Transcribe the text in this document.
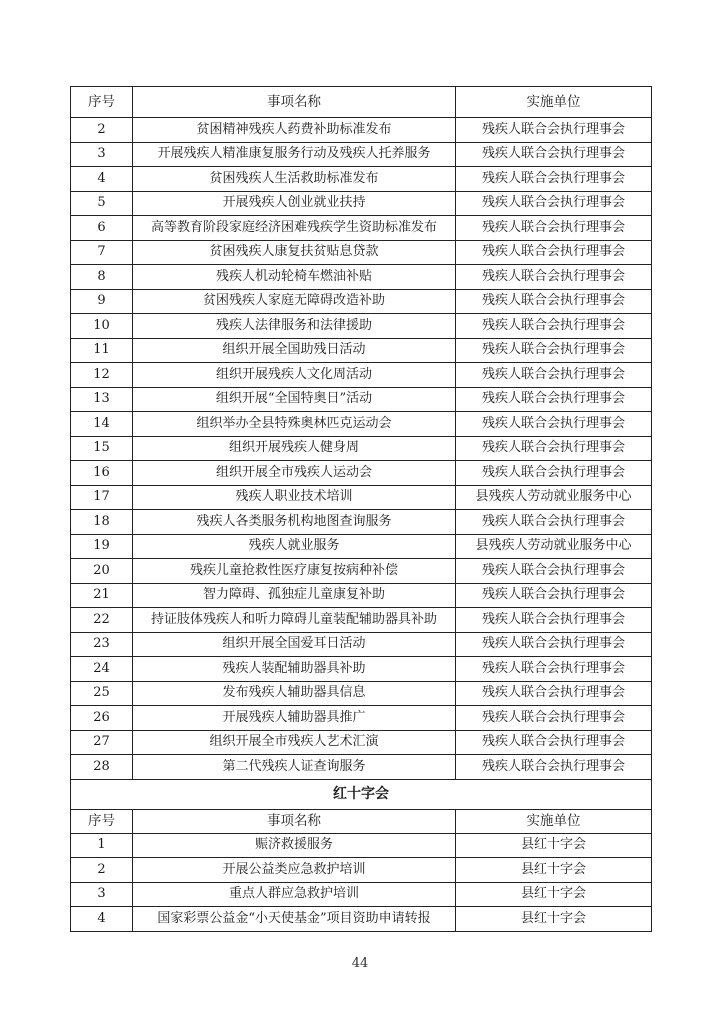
序号	事项名称	实施单位
2	贫困精神残疾人药费补助标准发布	残疾人联合会执行理事会
3	开展残疾人精准康复服务行动及残疾人托养服务	残疾人联合会执行理事会
4	贫困残疾人生活救助标准发布	残疾人联合会执行理事会
5	开展残疾人创业就业扶持	残疾人联合会执行理事会
6	高等教育阶段家庭经济困难残疾学生资助标准发布	残疾人联合会执行理事会
7	贫困残疾人康复扶贫贴息贷款	残疾人联合会执行理事会
8	残疾人机动轮椅车燃油补贴	残疾人联合会执行理事会
9	贫困残疾人家庭无障碍改造补助	残疾人联合会执行理事会
10	残疾人法律服务和法律援助	残疾人联合会执行理事会
11	组织开展全国助残日活动	残疾人联合会执行理事会
12	组织开展残疾人文化周活动	残疾人联合会执行理事会
13	组织开展“全国特奥日”活动	残疾人联合会执行理事会
14	组织举办全县特殊奥林匹克运动会	残疾人联合会执行理事会
15	组织开展残疾人健身周	残疾人联合会执行理事会
16	组织开展全市残疾人运动会	残疾人联合会执行理事会
17	残疾人职业技术培训	县残疾人劳动就业服务中心
18	残疾人各类服务机构地图查询服务	残疾人联合会执行理事会
19	残疾人就业服务	县残疾人劳动就业服务中心
20	残疾儿童抢救性医疗康复按病种补偿	残疾人联合会执行理事会
21	智力障碍、孤独症儿童康复补助	残疾人联合会执行理事会
22	持证肢体残疾人和听力障碍儿童装配辅助器具补助	残疾人联合会执行理事会
23	组织开展全国爱耳日活动	残疾人联合会执行理事会
24	残疾人装配辅助器具补助	残疾人联合会执行理事会
25	发布残疾人辅助器具信息	残疾人联合会执行理事会
26	开展残疾人辅助器具推广	残疾人联合会执行理事会
27	组织开展全市残疾人艺术汇演	残疾人联合会执行理事会
28	第二代残疾人证查询服务	残疾人联合会执行理事会
红十字会		
序号	事项名称	实施单位
1	赈济救援服务	县红十字会
2	开展公益类应急救护培训	县红十字会
3	重点人群应急救护培训	县红十字会
4	国家彩票公益金“小天使基金”项目资助申请转报	县红十字会
44
